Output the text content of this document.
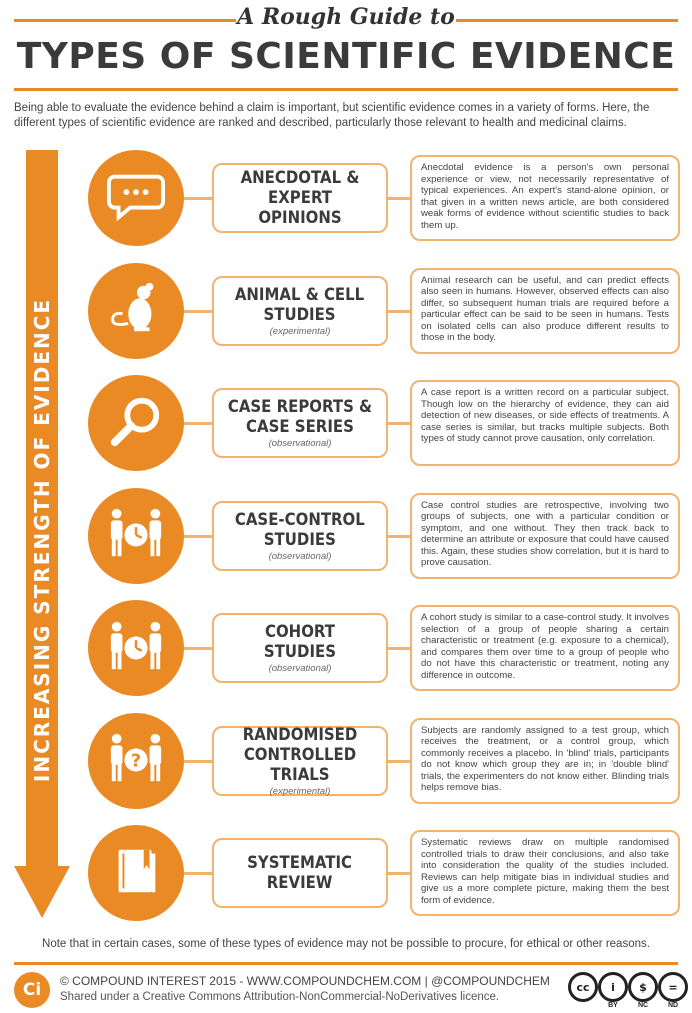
A Rough Guide to
TYPES OF SCIENTIFIC EVIDENCE
Being able to evaluate the evidence behind a claim is important, but scientific evidence comes in a variety of forms. Here, the different types of scientific evidence are ranked and described, particularly those relevant to health and medicinal claims.
INCREASING STRENGTH OF EVIDENCE
ANECDOTAL &
EXPERT OPINIONS
Anecdotal evidence is a person's own personal experience or view, not necessarily representative of typical experiences. An expert's stand-alone opinion, or that given in a written news article, are both considered weak forms of evidence without scientific studies to back them up.
ANIMAL & CELL
STUDIES
(experimental)
Animal research can be useful, and can predict effects also seen in humans. However, observed effects can also differ, so subsequent human trials are required before a particular effect can be said to be seen in humans. Tests on isolated cells can also produce different results to those in the body.
CASE REPORTS &
CASE SERIES
(observational)
A case report is a written record on a particular subject. Though low on the hierarchy of evidence, they can aid detection of new diseases, or side effects of treatments. A case series is similar, but tracks multiple subjects. Both types of study cannot prove causation, only correlation.
CASE-CONTROL
STUDIES
(observational)
Case control studies are retrospective, involving two groups of subjects, one with a particular condition or symptom, and one without. They then track back to determine an attribute or exposure that could have caused this. Again, these studies show correlation, but it is hard to prove causation.
COHORT
STUDIES
(observational)
A cohort study is similar to a case-control study. It involves selection of a group of people sharing a certain characteristic or treatment (e.g. exposure to a chemical), and compares them over time to a group of people who do not have this characteristic or treatment, noting any difference in outcome.
?
RANDOMISED
CONTROLLED TRIALS
(experimental)
Subjects are randomly assigned to a test group, which receives the treatment, or a control group, which commonly receives a placebo. In 'blind' trials, participants do not know which group they are in; in 'double blind' trials, the experimenters do not know either. Blinding trials helps remove bias.
SYSTEMATIC
REVIEW
Systematic reviews draw on multiple randomised controlled trials to draw their conclusions, and also take into consideration the quality of the studies included. Reviews can help mitigate bias in individual studies and give us a more complete picture, making them the best form of evidence.
Note that in certain cases, some of these types of evidence may not be possible to procure, for ethical or other reasons.
Ci	© COMPOUND INTEREST 2015 - WWW.COMPOUNDCHEM.COM | @COMPOUNDCHEM
Shared under a Creative Commons Attribution-NonCommercial-NoDerivatives licence.
cc	i
BY
$
NC
=
ND
